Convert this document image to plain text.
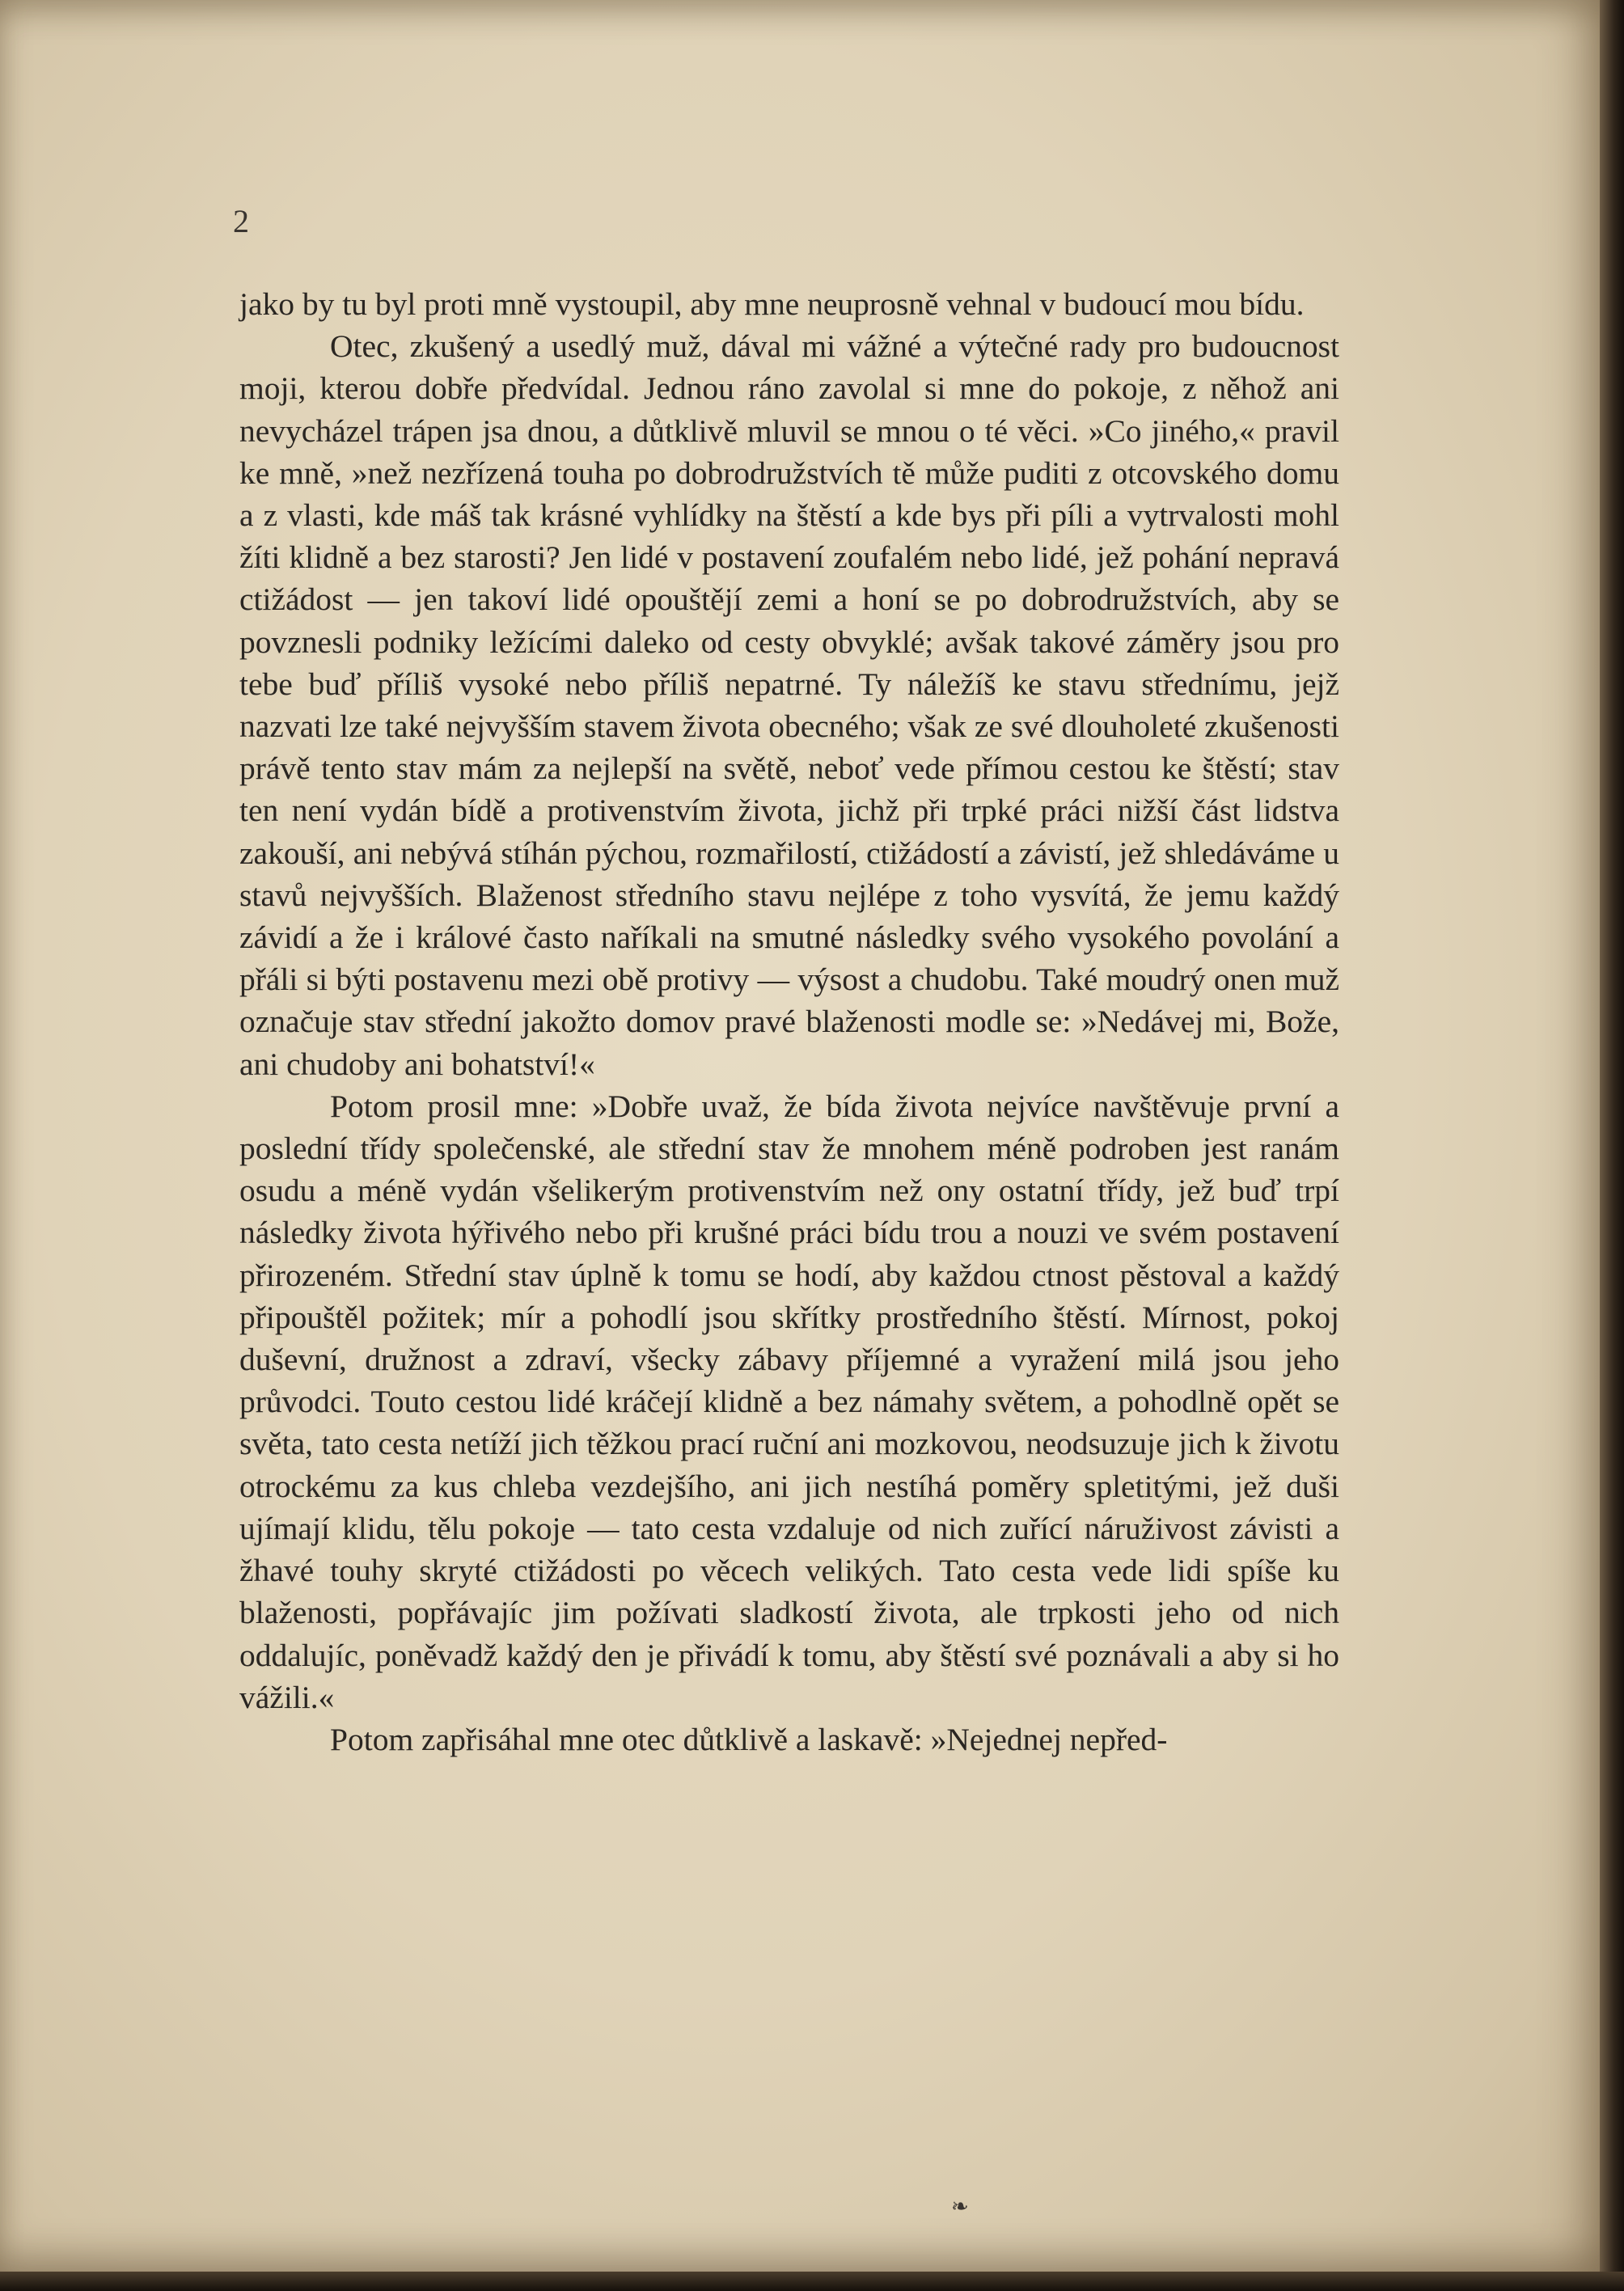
2

jako by tu byl proti mně vystoupil, aby mne neuprosně vehnal v budoucí mou bídu.

Otec, zkušený a usedlý muž, dával mi vážné a výtečné rady pro budoucnost moji, kterou dobře předvídal. Jednou ráno zavolal si mne do pokoje, z něhož ani nevycházel trápen jsa dnou, a důtklivě mluvil se mnou o té věci. »Co jiného,« pravil ke mně, »než nezřízená touha po dobrodružstvích tě může puditi z otcovského domu a z vlasti, kde máš tak krásné vyhlídky na štěstí a kde bys při píli a vytrvalosti mohl žíti klidně a bez starosti? Jen lidé v postavení zoufalém nebo lidé, jež pohání nepravá ctižádost — jen takoví lidé opouštějí zemi a honí se po dobrodružstvích, aby se povznesli podniky ležícími daleko od cesty obvyklé; avšak takové záměry jsou pro tebe buď příliš vysoké nebo příliš nepatrné. Ty náležíš ke stavu střednímu, jejž nazvati lze také nejvyšším stavem života obecného; však ze své dlouholeté zkušenosti právě tento stav mám za nejlepší na světě, neboť vede přímou cestou ke štěstí; stav ten není vydán bídě a protivenstvím života, jichž při trpké práci nižší část lidstva zakouší, ani nebývá stíhán pýchou, rozmařilostí, ctižádostí a závistí, jež shledáváme u stavů nejvyšších. Blaženost středního stavu nejlépe z toho vysvítá, že jemu každý závidí a že i králové často naříkali na smutné následky svého vysokého povolání a přáli si býti postavenu mezi obě protivy — výsost a chudobu. Také moudrý onen muž označuje stav střední jakožto domov pravé blaženosti modle se: »Nedávej mi, Bože, ani chudoby ani bohatství!«

Potom prosil mne: »Dobře uvaž, že bída života nejvíce navštěvuje první a poslední třídy společenské, ale střední stav že mnohem méně podroben jest ranám osudu a méně vydán všelikerým protivenstvím než ony ostatní třídy, jež buď trpí následky života hýřivého nebo při krušné práci bídu trou a nouzi ve svém postavení přirozeném. Střední stav úplně k tomu se hodí, aby každou ctnost pěstoval a každý připouštěl požitek; mír a pohodlí jsou skřítky prostředního štěstí. Mírnost, pokoj duševní, družnost a zdraví, všecky zábavy příjemné a vyražení milá jsou jeho průvodci. Touto cestou lidé kráčejí klidně a bez námahy světem, a pohodlně opět se světa, tato cesta netíží jich těžkou prací ruční ani mozkovou, neodsuzuje jich k životu otrockému za kus chleba vezdejšího, ani jich nestíhá poměry spletitými, jež duši ujímají klidu, tělu pokoje — tato cesta vzdaluje od nich zuřící náruživost závisti a žhavé touhy skryté ctižádosti po věcech velikých. Tato cesta vede lidi spíše ku blaženosti, popřávajíc jim požívati sladkostí života, ale trpkosti jeho od nich oddalujíc, poněvadž každý den je přivádí k tomu, aby štěstí své poznávali a aby si ho vážili.«

Potom zapřisáhal mne otec důtklivě a laskavě: »Nejednej nepřed-

❧
